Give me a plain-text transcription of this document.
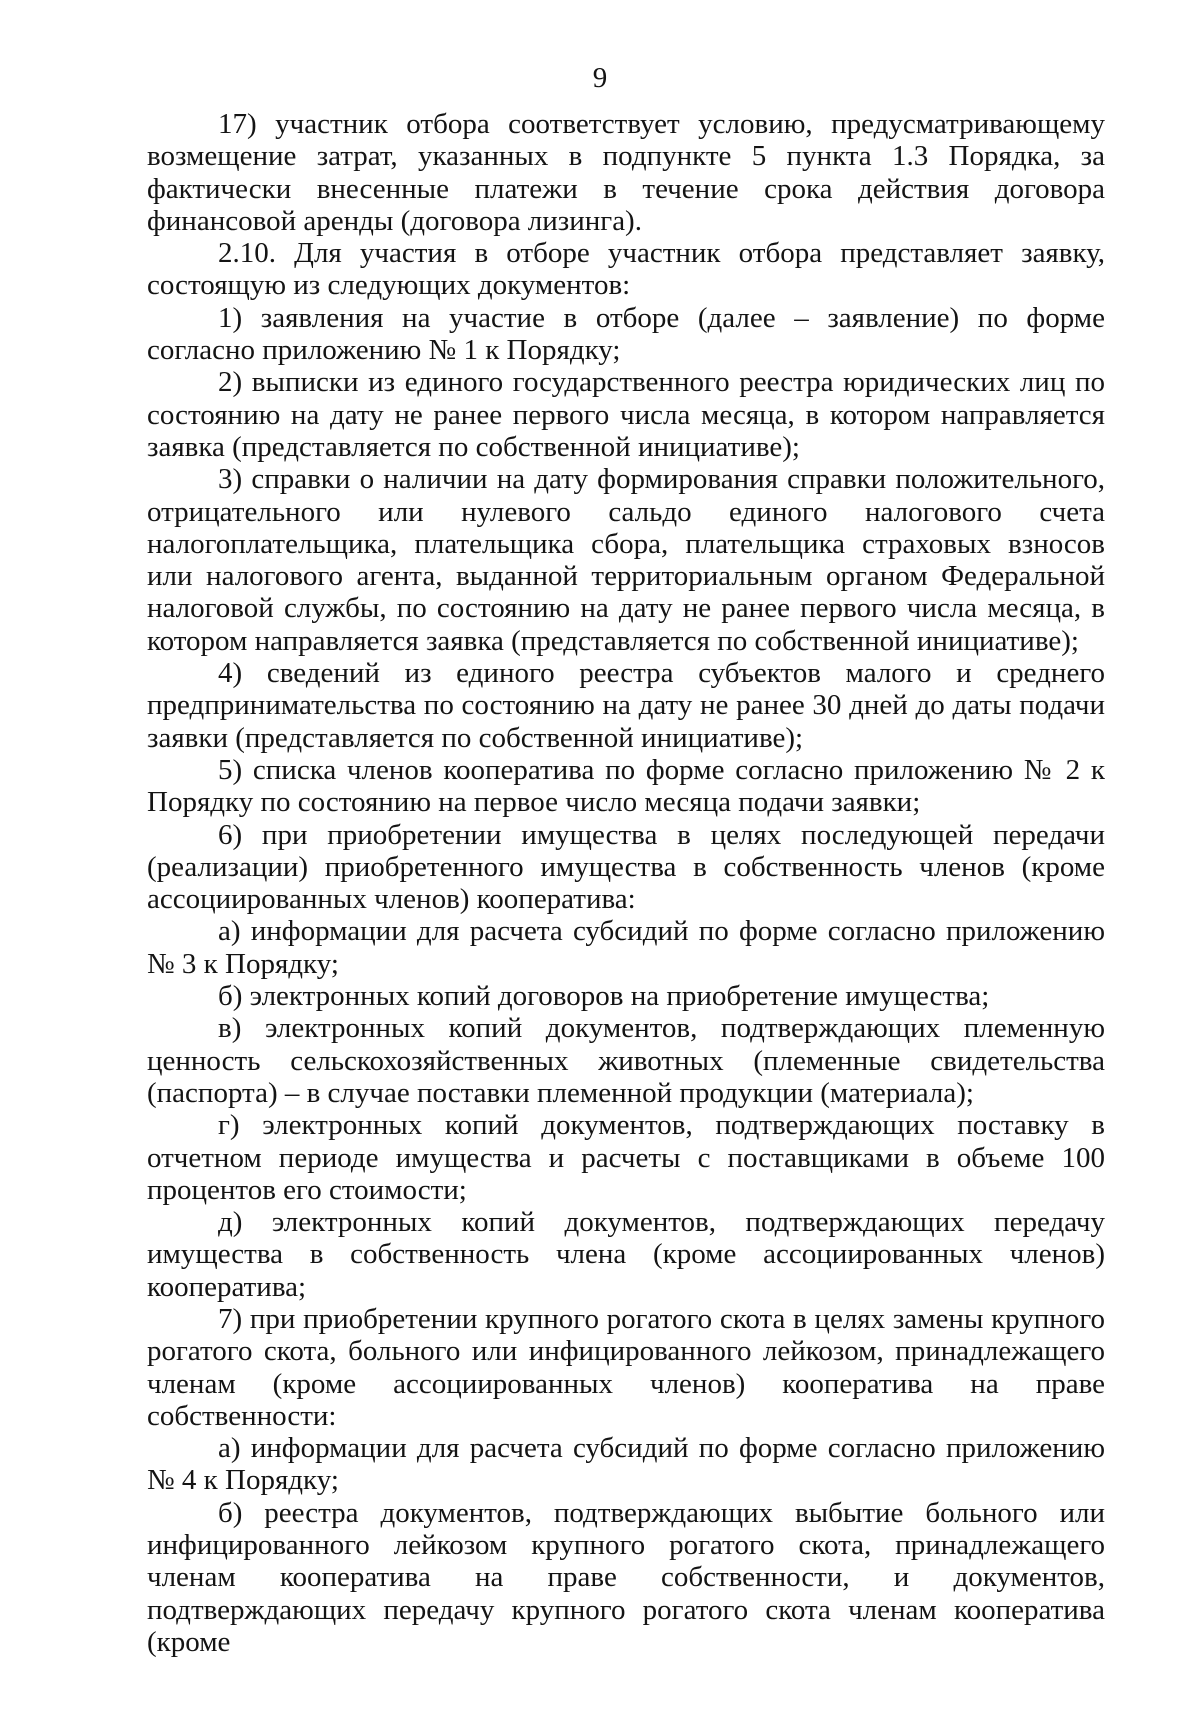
9

17) участник отбора соответствует условию, предусматривающему возмещение затрат, указанных в подпункте 5 пункта 1.3 Порядка, за фактически внесенные платежи в течение срока действия договора финансовой аренды (договора лизинга).

2.10. Для участия в отборе участник отбора представляет заявку, состоящую из следующих документов:

1) заявления на участие в отборе (далее – заявление) по форме согласно приложению № 1 к Порядку;

2) выписки из единого государственного реестра юридических лиц по состоянию на дату не ранее первого числа месяца, в котором направляется заявка (представляется по собственной инициативе);

3) справки о наличии на дату формирования справки положительного, отрицательного или нулевого сальдо единого налогового счета налогоплательщика, плательщика сбора, плательщика страховых взносов или налогового агента, выданной территориальным органом Федеральной налоговой службы, по состоянию на дату не ранее первого числа месяца, в котором направляется заявка (представляется по собственной инициативе);

4) сведений из единого реестра субъектов малого и среднего предпринимательства по состоянию на дату не ранее 30 дней до даты подачи заявки (представляется по собственной инициативе);

5) списка членов кооператива по форме согласно приложению № 2 к Порядку по состоянию на первое число месяца подачи заявки;

6) при приобретении имущества в целях последующей передачи (реализации) приобретенного имущества в собственность членов (кроме ассоциированных членов) кооператива:

а) информации для расчета субсидий по форме согласно приложению № 3 к Порядку;

б) электронных копий договоров на приобретение имущества;

в) электронных копий документов, подтверждающих племенную ценность сельскохозяйственных животных (племенные свидетельства (паспорта) – в случае поставки племенной продукции (материала);

г) электронных копий документов, подтверждающих поставку в отчетном периоде имущества и расчеты с поставщиками в объеме 100 процентов его стоимости;

д) электронных копий документов, подтверждающих передачу имущества в собственность члена (кроме ассоциированных членов) кооператива;

7) при приобретении крупного рогатого скота в целях замены крупного рогатого скота, больного или инфицированного лейкозом, принадлежащего членам (кроме ассоциированных членов) кооператива на праве собственности:

а) информации для расчета субсидий по форме согласно приложению № 4 к Порядку;

б) реестра документов, подтверждающих выбытие больного или инфицированного лейкозом крупного рогатого скота, принадлежащего членам кооператива на праве собственности, и документов, подтверждающих передачу крупного рогатого скота членам кооператива (кроме
